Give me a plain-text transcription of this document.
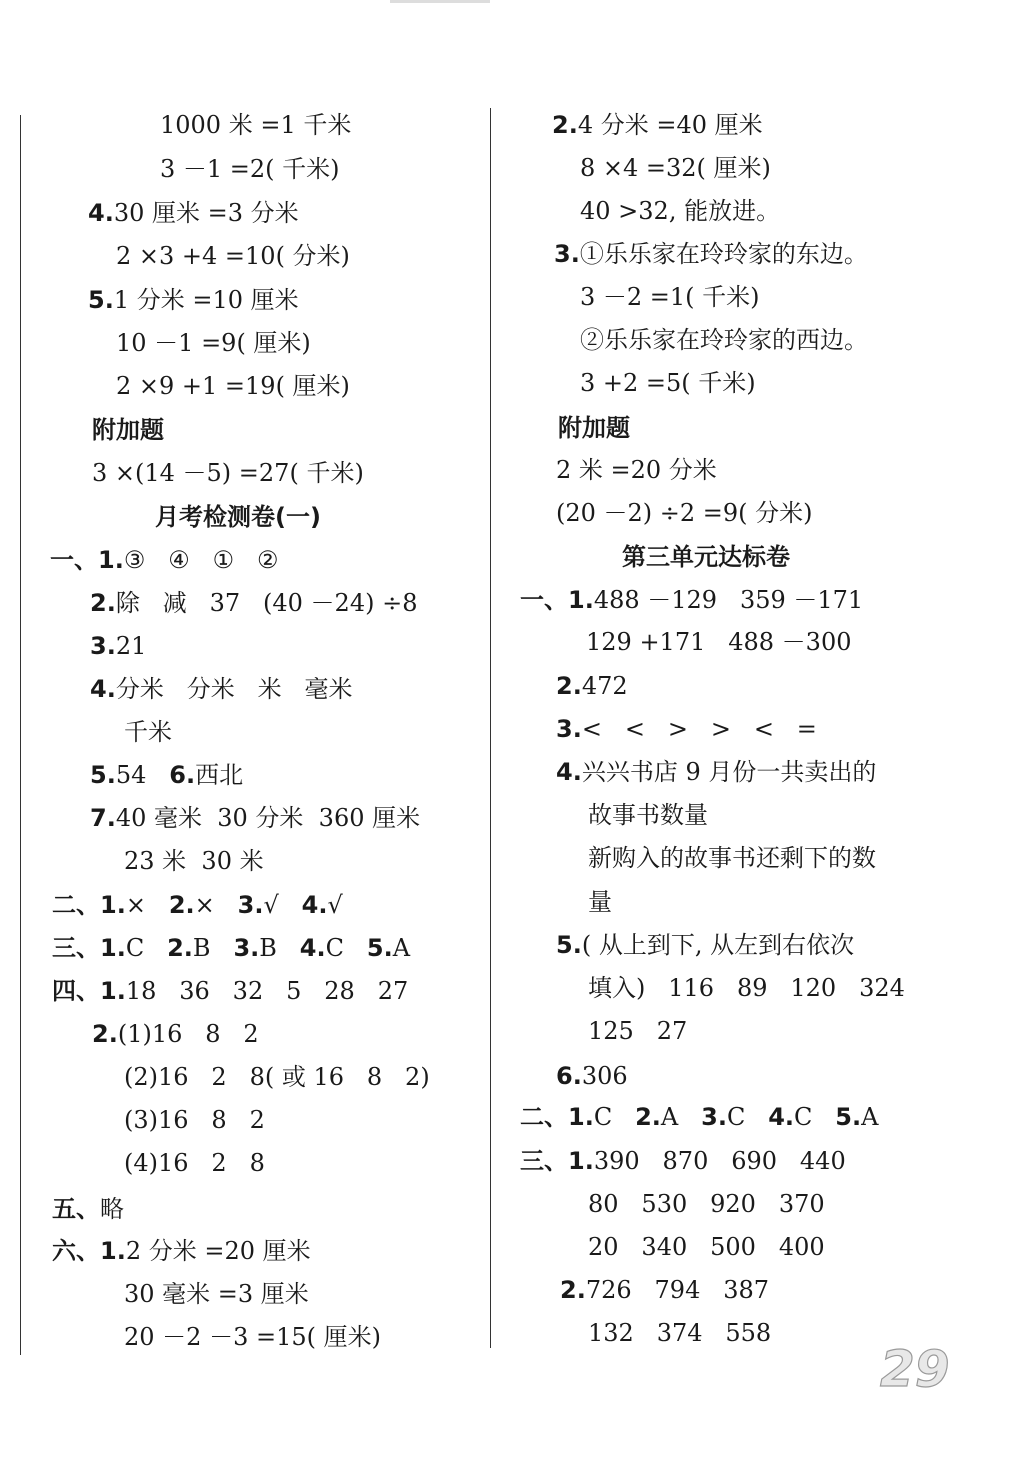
1000 米 =1 千米
3 －1 =2( 千米)
4.30 厘米 =3 分米
2 ×3 +4 =10( 分米)
5.1 分米 =10 厘米
10 －1 =9( 厘米)
2 ×9 +1 =19( 厘米)
附加题
3 ×(14 －5) =27( 千米)
月考检测卷(一)
一、1.③   ④   ①   ②
2.除   减   37   (40 －24) ÷8
3.21
4.分米   分米   米   毫米
千米
5.54   6.西北
7.40 毫米  30 分米  360 厘米
23 米  30 米
二、1.×   2.×   3.√   4.√
三、1.C   2.B   3.B   4.C   5.A
四、1.18   36   32   5   28   27
2.(1)16   8   2
(2)16   2   8( 或 16   8   2)
(3)16   8   2
(4)16   2   8
五、略
六、1.2 分米 =20 厘米
30 毫米 =3 厘米
20 －2 －3 =15( 厘米)
2.4 分米 =40 厘米
8 ×4 =32( 厘米)
40 >32, 能放进。
3.①乐乐家在玲玲家的东边。
3 －2 =1( 千米)
②乐乐家在玲玲家的西边。
3 +2 =5( 千米)
附加题
2 米 =20 分米
(20 －2) ÷2 =9( 分米)
第三单元达标卷
一、1.488 －129   359 －171
129 +171   488 －300
2.472
3.<   <   >   >   <   =
4.兴兴书店 9 月份一共卖出的
故事书数量
新购入的故事书还剩下的数
量
5.( 从上到下, 从左到右依次
填入)   116   89   120   324
125   27
6.306
二、1.C   2.A   3.C   4.C   5.A
三、1.390   870   690   440
80   530   920   370
20   340   500   400
2.726   794   387
132   374   558
29
